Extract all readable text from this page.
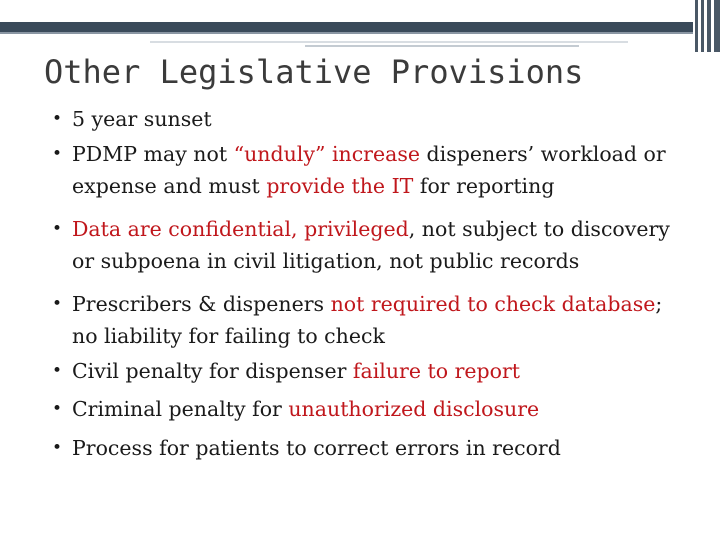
Other Legislative Provisions
• 5 year sunset
• PDMP may not “unduly” increase dispeners’ workload or expense and must provide the IT for reporting
• Data are confidential, privileged, not subject to discovery or subpoena in civil litigation, not public records
• Prescribers & dispeners not required to check database; no liability for failing to check
• Civil penalty for dispenser failure to report
• Criminal penalty for unauthorized disclosure
• Process for patients to correct errors in record
